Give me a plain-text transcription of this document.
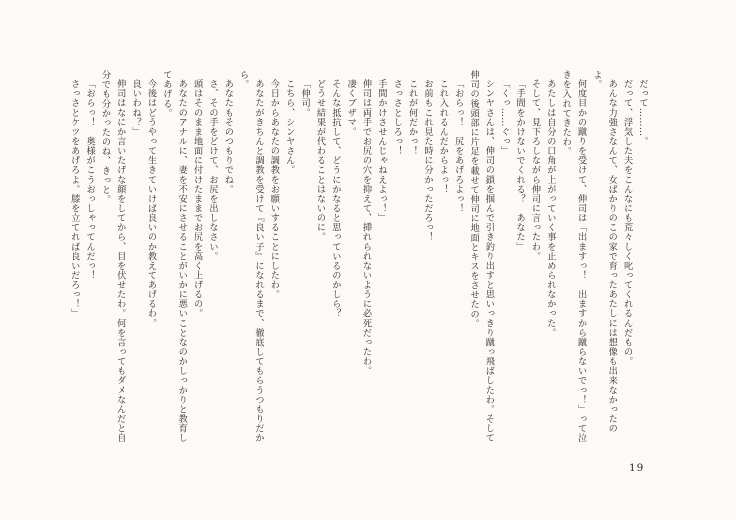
だって………。

だって、浮気した夫をこんなにも荒々しく叱ってくれるんだもの。

あんな力強さなんて、女ばかりのこの家で育ったあたしには想像も出来なかったのよ。

何度目かの蹴りを受けて、伸司は「出ますっ！　出ますから蹴らないでっ！」って泣きを入れてきたわ。

あたしは自分の口角が上がっていく事を止められなかった。

そして、見下ろしながら伸司に言ったわ。

「手間をかけないでくれる？　あなた」

「くっ……ぐっ」

シンヤさんは、伸司の鎖を掴んで引き釣り出すと思いっきり蹴っ飛ばしたわ。そして伸司の後頭部に片足を載せて伸司に地面とキスをさせたの。

「おらっ！　尻をあげろよっ！

これ入れるんだからよっ！

お前もこれ見た時に分かっただろっ！

これが何だかっ！

さっさとしろっ！

手間かけさせんじゃねえよっ！」

伸司は両手でお尻の穴を抑えて、挿れられないように必死だったわ。

凄くブザマ。

そんな抵抗して、どうにかなると思っているのかしら？

どうせ結果が代わることはないのに。

「伸司。

こちら、シンヤさん。

今日からあなたの調教をお願いすることにしたわ。

あなたがきちんと調教を受けて『良い子』になれるまで、徹底してもらうつもりだから。

あなたもそのつもりでね。

さ、その手をどけて、お尻を出しなさい。

頭はそのまま地面に付けたままでお尻を高く上げるの。

あなたのアナルに、妻を不安にさせることがいかに悪いことなのかしっかりと教育してあげる。

今後はどうやって生きていけば良いのか教えてあげるわ。

良いわね？」

伸司はなにか言いたげな顔をしてから、目を伏せたわ。何を言ってもダメなんだと自分でも分かったのね、きっと。

「おらっ！　奥様がこうおっしゃってんだっ！

さっさとケツをあげろよ。膝を立てれば良いだろっ！」

19
